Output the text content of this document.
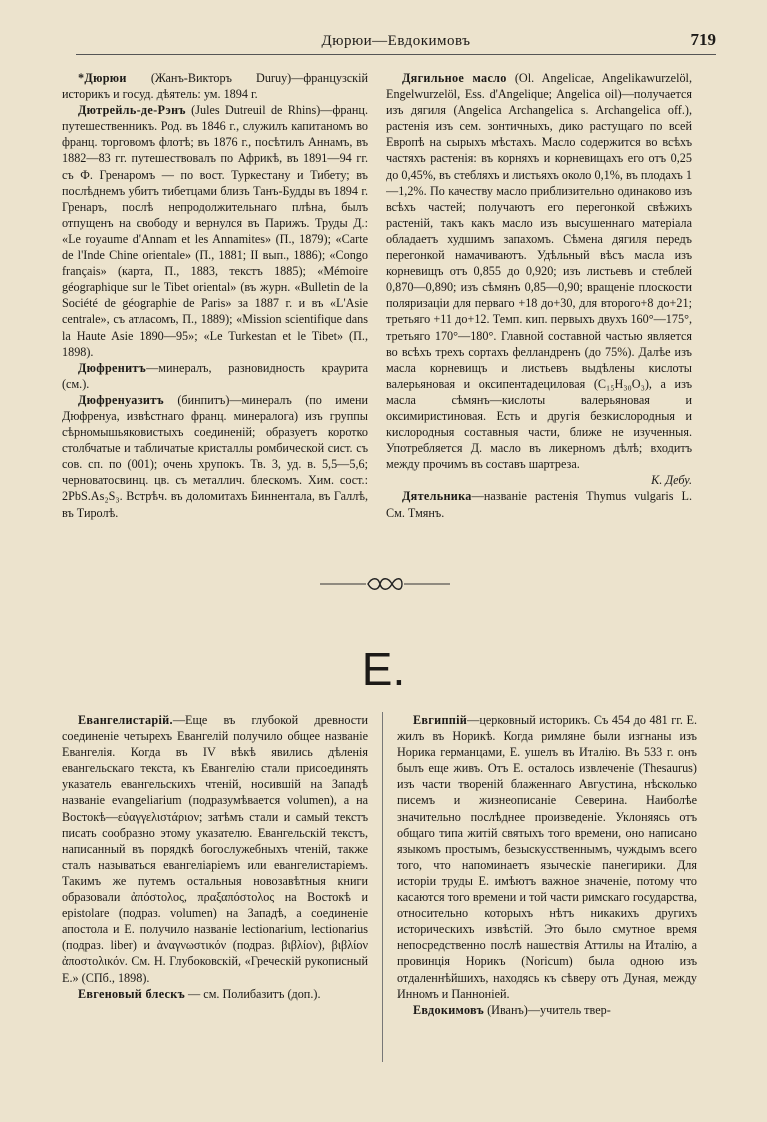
Дюрюи—Евдокимовъ	719

*Дюрюи (Жанъ-Викторъ Duruy)—французскій историкъ и госуд. дѣятель: ум. 1894 г.

Дютрейль-де-Рэнъ (Jules Dutreuil de Rhins)—франц. путешественникъ. Род. въ 1846 г., служилъ капитаномъ во франц. торговомъ флотѣ; въ 1876 г., посѣтилъ Аннамъ, въ 1882—83 гг. путешествовалъ по Африкѣ, въ 1891—94 гг. съ Ф. Гренаромъ — по вост. Туркестану и Тибету; въ послѣднемъ убитъ тибетцами близъ Танъ-Будды въ 1894 г. Гренаръ, послѣ непродолжительнаго плѣна, былъ отпущенъ на свободу и вернулся въ Парижъ. Труды Д.: «Le royaume d'Annam et les Annamites» (П., 1879); «Carte de l'Inde Chine orientale» (П., 1881; II вып., 1886); «Congo français» (карта, П., 1883, текстъ 1885); «Mémoire géographique sur le Tibet oriental» (въ журн. «Bulletin de la Société de géographie de Paris» за 1887 г. и въ «L'Asie centrale», съ атласомъ, П., 1889); «Mission scientifique dans la Haute Asie 1890—95»; «Le Turkestan et le Tibet» (П., 1898).

Дюфренитъ—минералъ, разновидность краурита (см.).

Дюфренуазитъ (бинпитъ)—минералъ (по имени Дюфренуа, извѣстнаго франц. минералога) изъ группы сѣрномышьяковистыхъ соединеній; образуетъ коротко столбчатые и табличатые кристаллы ромбической сист. съ сов. сп. по (001); очень хрупокъ. Тв. 3, уд. в. 5,5—5,6; черноватосвинц. цв. съ металлич. блескомъ. Хим. сост.: 2PbS.As₂S₃. Встрѣч. въ доломитахъ Биннентала, въ Галлѣ, въ Тиролѣ.

Дягильное масло (Ol. Angelicae, Angelikawurzelöl, Engelwurzelöl, Ess. d'Angelique; Angelica oil)—получается изъ дягиля (Angelica Archangelica s. Archangelica off.), растенія изъ сем. зонтичныхъ, дико растущаго по всей Европѣ на сырыхъ мѣстахъ. Масло содержится во всѣхъ частяхъ растенія: въ корняхъ и корневищахъ его отъ 0,25 до 0,45%, въ стебляхъ и листьяхъ около 0,1%, въ плодахъ 1—1,2%. По качеству масло приблизительно одинаково изъ всѣхъ частей; получаютъ его перегонкой свѣжихъ растеній, такъ какъ масло изъ высушеннаго матеріала обладаетъ худшимъ запахомъ. Сѣмена дягиля передъ перегонкой намачиваютъ. Удѣльный вѣсъ масла изъ корневищъ отъ 0,855 до 0,920; изъ листьевъ и стеблей 0,870—0,890; изъ сѣмянъ 0,85—0,90; вращеніе плоскости поляризаціи для перваго +18 до+30, для второго+8 до+21; третьяго +11 до+12. Темп. кип. первыхъ двухъ 160°—175°, третьяго 170°—180°. Главной составной частью является во всѣхъ трехъ сортахъ фелландренъ (до 75%). Далѣе изъ масла корневищъ и листьевъ выдѣлены кислоты валерьяновая и оксипентадециловая (C₁₅H₃₀O₃), а изъ масла сѣмянъ—кислоты валерьяновая и оксимиристиновая. Есть и другія безкислородныя и кислородныя составныя части, ближе не изученныя. Употребляется Д. масло въ ликерномъ дѣлѣ; входитъ между прочимъ въ составъ шартреза.

К. Дебу.

Дятельника—названіе растенія Thymus vulgaris L. См. Тмянъ.

Е.

Евангелистарій.—Еще въ глубокой древности соединеніе четырехъ Евангелій получило общее названіе Евангелія. Когда въ IV вѣкѣ явились дѣленія евангельскаго текста, къ Евангелію стали присоединять указатель евангельскихъ чтеній, носившій на Западѣ названіе evangeliarium (подразумѣвается volumen), а на Востокѣ—εὐαγγελιστάριον; затѣмъ стали и самый текстъ писать сообразно этому указателю. Евангельскій текстъ, написанный въ порядкѣ богослужебныхъ чтеній, также сталъ называться евангеліаріемъ или евангелистаріемъ. Такимъ же путемъ остальныя новозавѣтныя книги образовали ἀπόστολος, πραξαπόστολος на Востокѣ и epistolare (подраз. volumen) на Западѣ, а соединеніе апостола и Е. получило названіе lectionarium, lectionarius (подраз. liber) и ἀναγνωστικόν (подраз. βιβλίον), βιβλίον ἀποστολικόν. См. Н. Глубоковскій, «Греческій рукописный Е.» (СПб., 1898).

Евгеновый блескъ — см. Полибазитъ (доп.).

Евгиппій—церковный историкъ. Съ 454 до 481 гг. Е. жилъ въ Норикѣ. Когда римляне были изгнаны изъ Норика германцами, Е. ушелъ въ Италію. Въ 533 г. онъ былъ еще живъ. Отъ Е. осталось извлеченіе (Thesaurus) изъ части твореній блаженнаго Августина, нѣсколько писемъ и жизнеописаніе Северина. Наиболѣе значительно послѣднее произведеніе. Уклоняясь отъ общаго типа житій святыхъ того времени, оно написано языкомъ простымъ, безыскусственнымъ, чуждымъ всего того, что напоминаетъ языческіе панегирики. Для исторіи труды Е. имѣютъ важное значеніе, потому что касаются того времени и той части римскаго государства, относительно которыхъ нѣтъ никакихъ другихъ историческихъ извѣстій. Это было смутное время непосредственно послѣ нашествія Аттилы на Италію, а провинція Норикъ (Noricum) была одною изъ отдаленнѣйшихъ, находясь къ сѣверу отъ Дуная, между Инномъ и Панноніей.

Евдокимовъ (Иванъ)—учитель твер-
